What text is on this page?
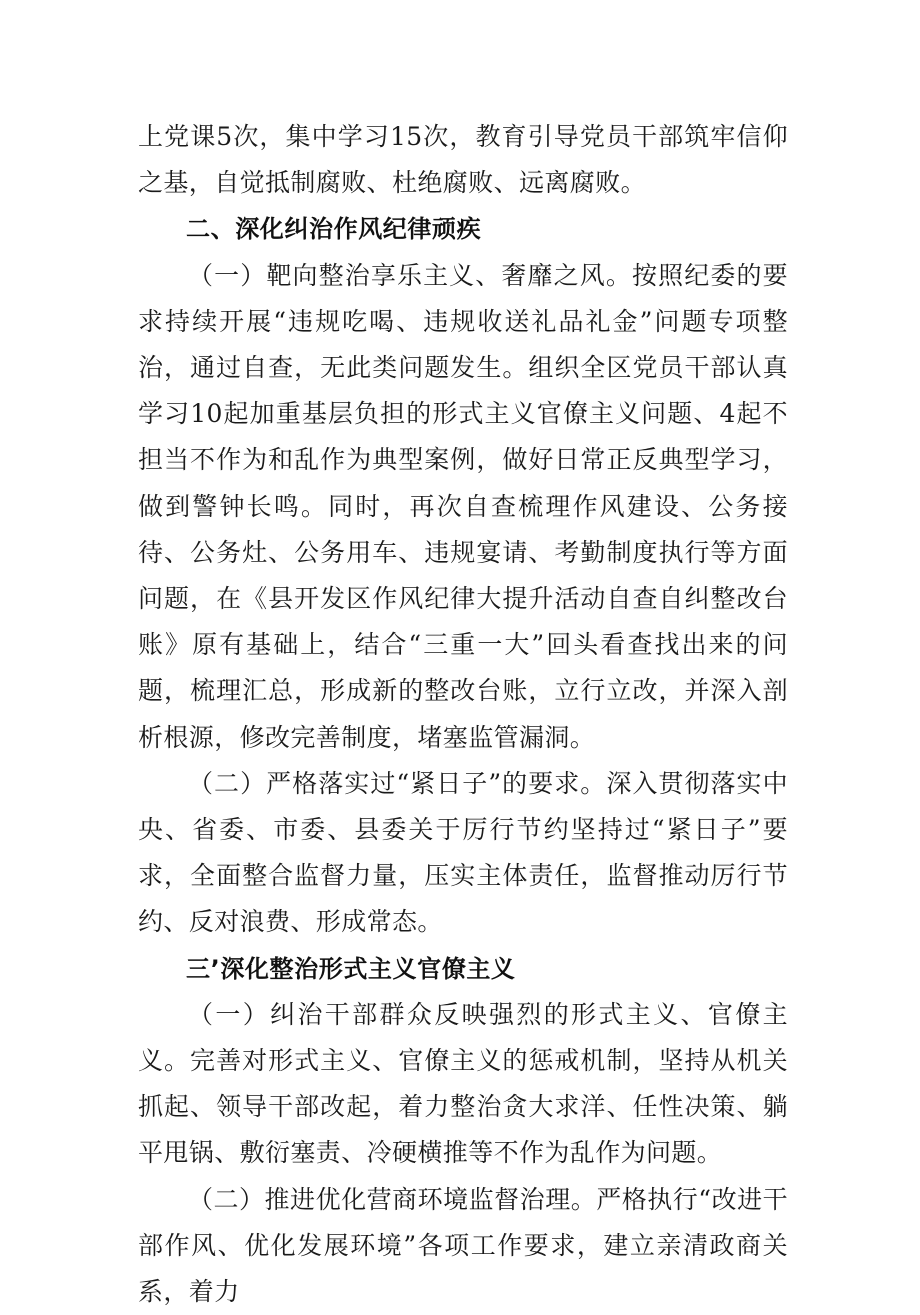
上党课5次，集中学习15次，教育引导党员干部筑牢信仰之基，自觉抵制腐败、杜绝腐败、远离腐败。

二、深化纠治作风纪律顽疾

（一）靶向整治享乐主义、奢靡之风。按照纪委的要求持续开展“违规吃喝、违规收送礼品礼金”问题专项整治，通过自查，无此类问题发生。组织全区党员干部认真学习10起加重基层负担的形式主义官僚主义问题、4起不担当不作为和乱作为典型案例，做好日常正反典型学习，做到警钟长鸣。同时，再次自查梳理作风建设、公务接待、公务灶、公务用车、违规宴请、考勤制度执行等方面问题，在《县开发区作风纪律大提升活动自查自纠整改台账》原有基础上，结合“三重一大”回头看查找出来的问题，梳理汇总，形成新的整改台账，立行立改，并深入剖析根源，修改完善制度，堵塞监管漏洞。

（二）严格落实过“紧日子”的要求。深入贯彻落实中央、省委、市委、县委关于厉行节约坚持过“紧日子”要求，全面整合监督力量，压实主体责任，监督推动厉行节约、反对浪费、形成常态。

三’深化整治形式主义官僚主义

（一）纠治干部群众反映强烈的形式主义、官僚主义。完善对形式主义、官僚主义的惩戒机制，坚持从机关抓起、领导干部改起，着力整治贪大求洋、任性决策、躺平甩锅、敷衍塞责、冷硬横推等不作为乱作为问题。

（二）推进优化营商环境监督治理。严格执行“改进干部作风、优化发展环境”各项工作要求，建立亲清政商关系，着力
